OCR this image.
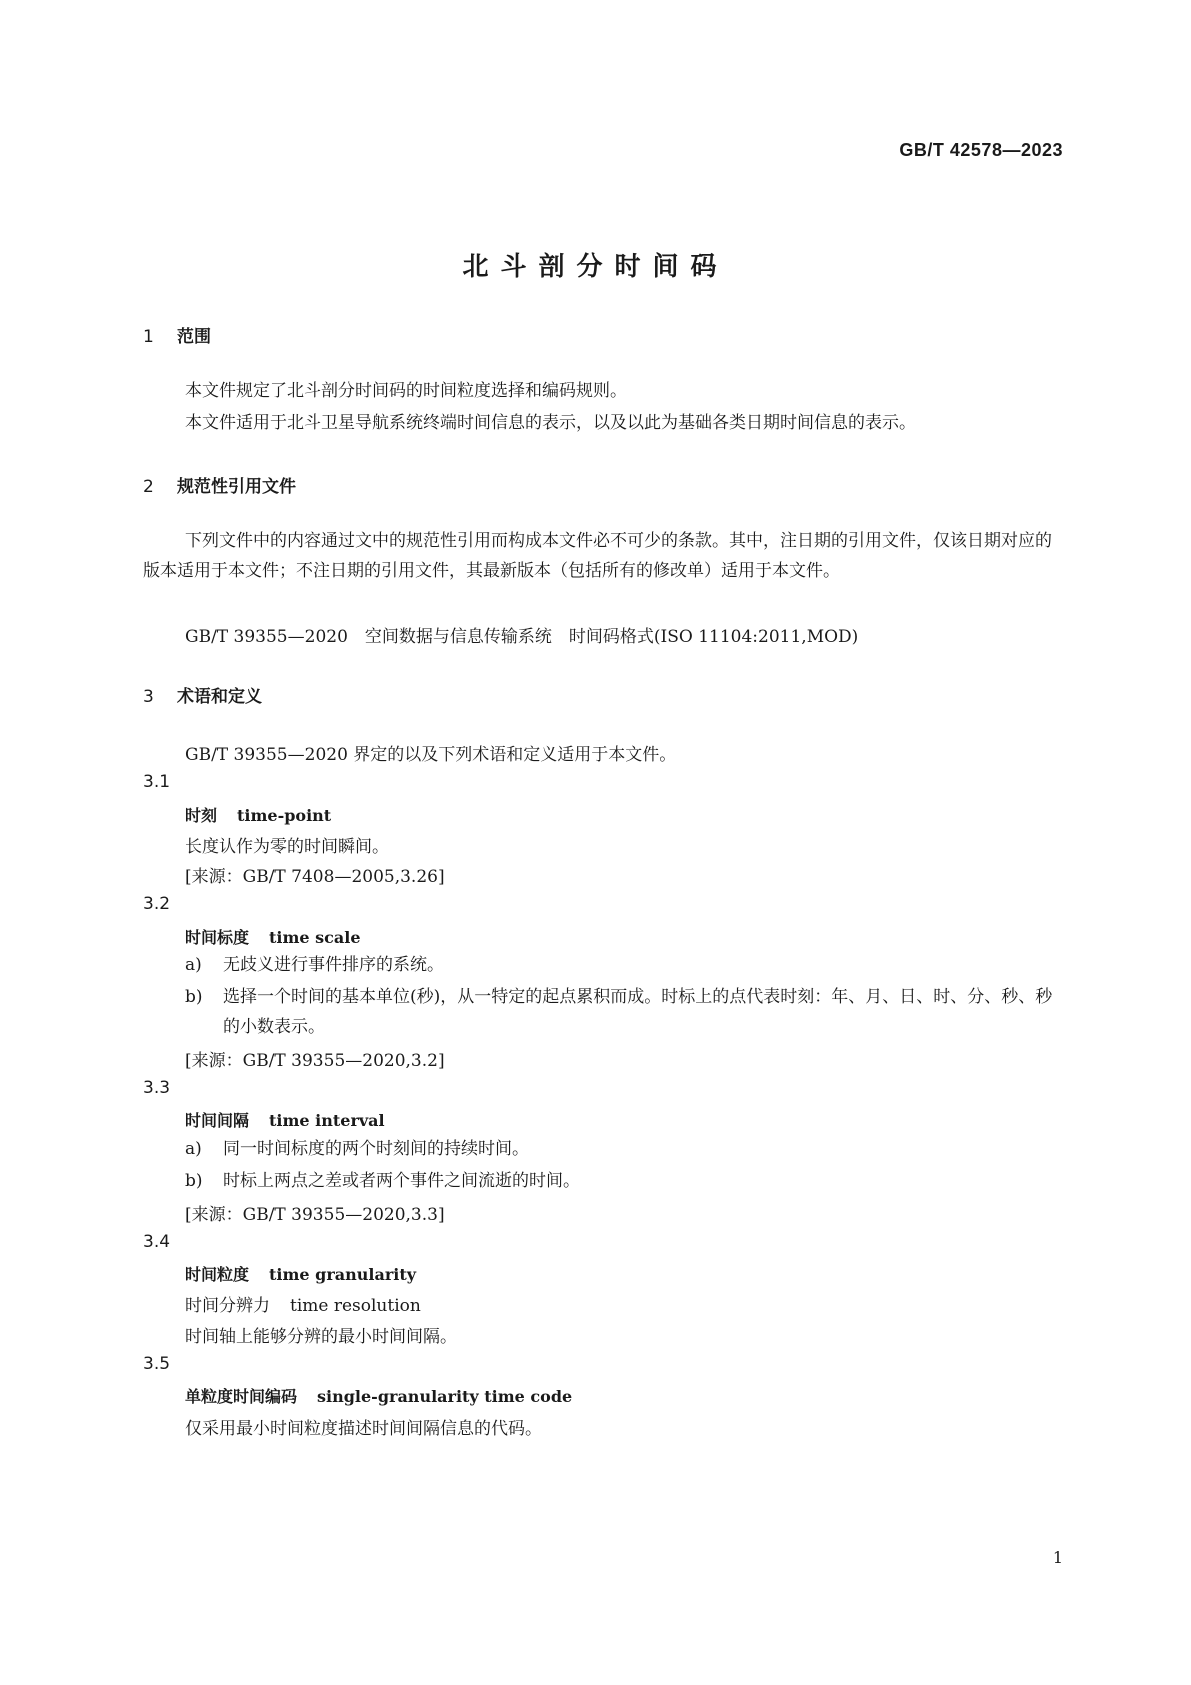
GB/T 42578—2023
北斗剖分时间码
1 范围
本文件规定了北斗剖分时间码的时间粒度选择和编码规则。
本文件适用于北斗卫星导航系统终端时间信息的表示，以及以此为基础各类日期时间信息的表示。
2 规范性引用文件
下列文件中的内容通过文中的规范性引用而构成本文件必不可少的条款。其中，注日期的引用文件，仅该日期对应的版本适用于本文件；不注日期的引用文件，其最新版本（包括所有的修改单）适用于本文件。
GB/T 39355—2020　空间数据与信息传输系统　时间码格式(ISO 11104:2011,MOD)
3 术语和定义
GB/T 39355—2020 界定的以及下列术语和定义适用于本文件。
3.1
时刻 time-point
长度认作为零的时间瞬间。
[来源：GB/T 7408—2005,3.26]
3.2
时间标度 time scale
a) 无歧义进行事件排序的系统。
b) 选择一个时间的基本单位(秒)，从一特定的起点累积而成。时标上的点代表时刻：年、月、日、时、分、秒、秒的小数表示。
[来源：GB/T 39355—2020,3.2]
3.3
时间间隔 time interval
a) 同一时间标度的两个时刻间的持续时间。
b) 时标上两点之差或者两个事件之间流逝的时间。
[来源：GB/T 39355—2020,3.3]
3.4
时间粒度 time granularity
时间分辨力 time resolution
时间轴上能够分辨的最小时间间隔。
3.5
单粒度时间编码 single-granularity time code
仅采用最小时间粒度描述时间间隔信息的代码。
1
